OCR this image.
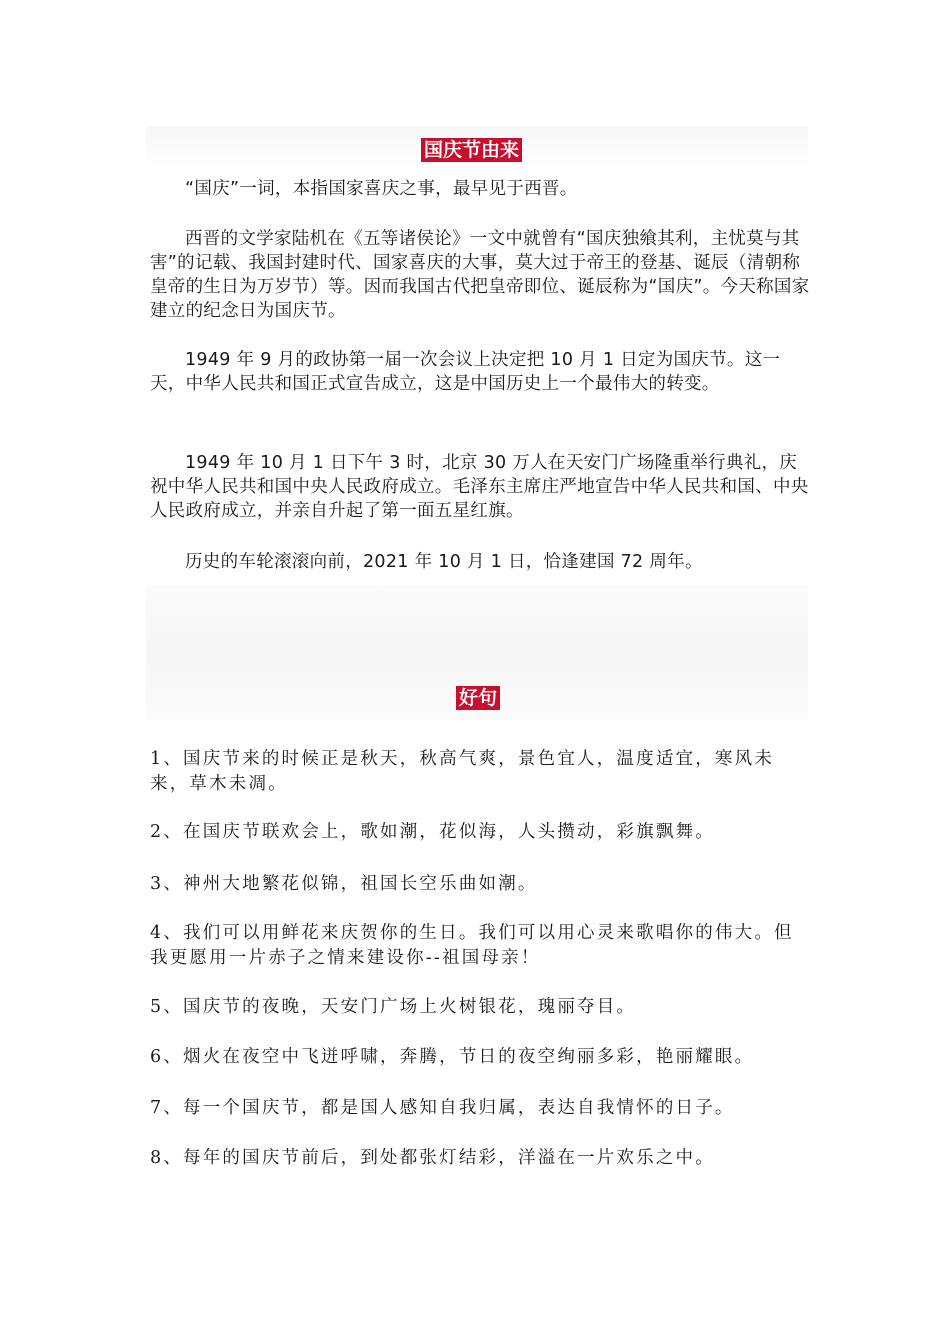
国庆节由来

“国庆”一词，本指国家喜庆之事，最早见于西晋。

西晋的文学家陆机在《五等诸侯论》一文中就曾有“国庆独飨其利，主忧莫与其害”的记载、我国封建时代、国家喜庆的大事，莫大过于帝王的登基、诞辰（清朝称皇帝的生日为万岁节）等。因而我国古代把皇帝即位、诞辰称为“国庆”。今天称国家建立的纪念日为国庆节。

1949 年 9 月的政协第一届一次会议上决定把 10 月 1 日定为国庆节。这一天，中华人民共和国正式宣告成立，这是中国历史上一个最伟大的转变。

1949 年 10 月 1 日下午 3 时，北京 30 万人在天安门广场隆重举行典礼，庆祝中华人民共和国中央人民政府成立。毛泽东主席庄严地宣告中华人民共和国、中央人民政府成立，并亲自升起了第一面五星红旗。

历史的车轮滚滚向前，2021 年 10 月 1 日，恰逢建国 72 周年。

好句

1、国庆节来的时候正是秋天，秋高气爽，景色宜人，温度适宜，寒风未来，草木未凋。

2、在国庆节联欢会上，歌如潮，花似海，人头攒动，彩旗飘舞。

3、神州大地繁花似锦，祖国长空乐曲如潮。

4、我们可以用鲜花来庆贺你的生日。我们可以用心灵来歌唱你的伟大。但我更愿用一片赤子之情来建设你--祖国母亲！

5、国庆节的夜晚，天安门广场上火树银花，瑰丽夺目。

6、烟火在夜空中飞迸呼啸，奔腾，节日的夜空绚丽多彩，艳丽耀眼。

7、每一个国庆节，都是国人感知自我归属，表达自我情怀的日子。

8、每年的国庆节前后，到处都张灯结彩，洋溢在一片欢乐之中。
